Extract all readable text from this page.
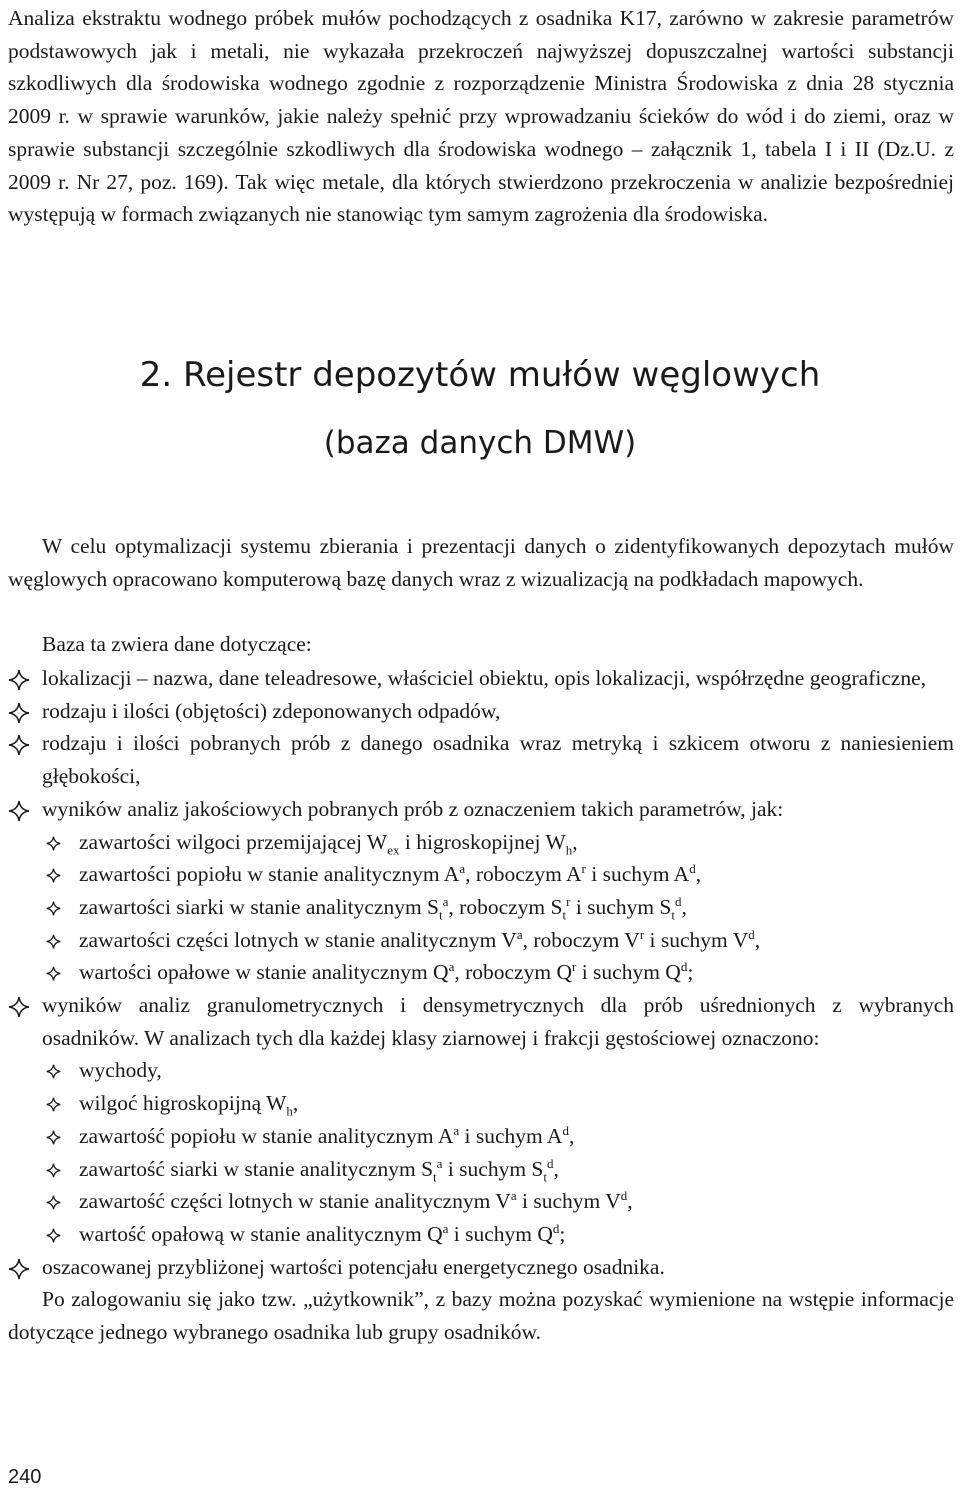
Analiza ekstraktu wodnego próbek mułów pochodzących z osadnika K17, zarówno w zakresie parametrów podstawowych jak i metali, nie wykazała przekroczeń najwyższej dopuszczalnej wartości substancji szkodliwych dla środowiska wodnego zgodnie z rozporządzenie Ministra Środowiska z dnia 28 stycznia 2009 r. w sprawie warunków, jakie należy spełnić przy wprowadzaniu ścieków do wód i do ziemi, oraz w sprawie substancji szczególnie szkodliwych dla środowiska wodnego – załącznik 1, tabela I i II (Dz.U. z 2009 r. Nr 27, poz. 169). Tak więc metale, dla których stwierdzono przekroczenia w analizie bezpośredniej występują w formach związanych nie stanowiąc tym samym zagrożenia dla środowiska.

2. Rejestr depozytów mułów węglowych
(baza danych DMW)

W celu optymalizacji systemu zbierania i prezentacji danych o zidentyfikowanych depozytach mułów węglowych opracowano komputerową bazę danych wraz z wizualizacją na podkładach mapowych.

Baza ta zwiera dane dotyczące:

lokalizacji – nazwa, dane teleadresowe, właściciel obiektu, opis lokalizacji, współrzędne geograficzne,
rodzaju i ilości (objętości) zdeponowanych odpadów,
rodzaju i ilości pobranych prób z danego osadnika wraz metryką i szkicem otworu z naniesieniem głębokości,
wyników analiz jakościowych pobranych prób z oznaczeniem takich parametrów, jak:
zawartości wilgoci przemijającej $W_{ex}$ i higroskopijnej $W_h$,
zawartości popiołu w stanie analitycznym $A^a$, roboczym $A^r$ i suchym $A^d$,
zawartości siarki w stanie analitycznym $S_t^a$, roboczym $S_t^r$ i suchym $S_t^d$,
zawartości części lotnych w stanie analitycznym $V^a$, roboczym $V^r$ i suchym $V^d$,
wartości opałowe w stanie analitycznym $Q^a$, roboczym $Q^r$ i suchym $Q^d$;
wyników analiz granulometrycznych i densymetrycznych dla prób uśrednionych z wybranych osadników. W analizach tych dla każdej klasy ziarnowej i frakcji gęstościowej oznaczono:
wychody,
wilgoć higroskopijną $W_h$,
zawartość popiołu w stanie analitycznym $A^a$ i suchym $A^d$,
zawartość siarki w stanie analitycznym $S_t^a$ i suchym $S_t^d$,
zawartość części lotnych w stanie analitycznym $V^a$ i suchym $V^d$,
wartość opałową w stanie analitycznym $Q^a$ i suchym $Q^d$;
oszacowanej przybliżonej wartości potencjału energetycznego osadnika.

Po zalogowaniu się jako tzw. „użytkownik”, z bazy można pozyskać wymienione na wstępie informacje dotyczące jednego wybranego osadnika lub grupy osadników.

240
